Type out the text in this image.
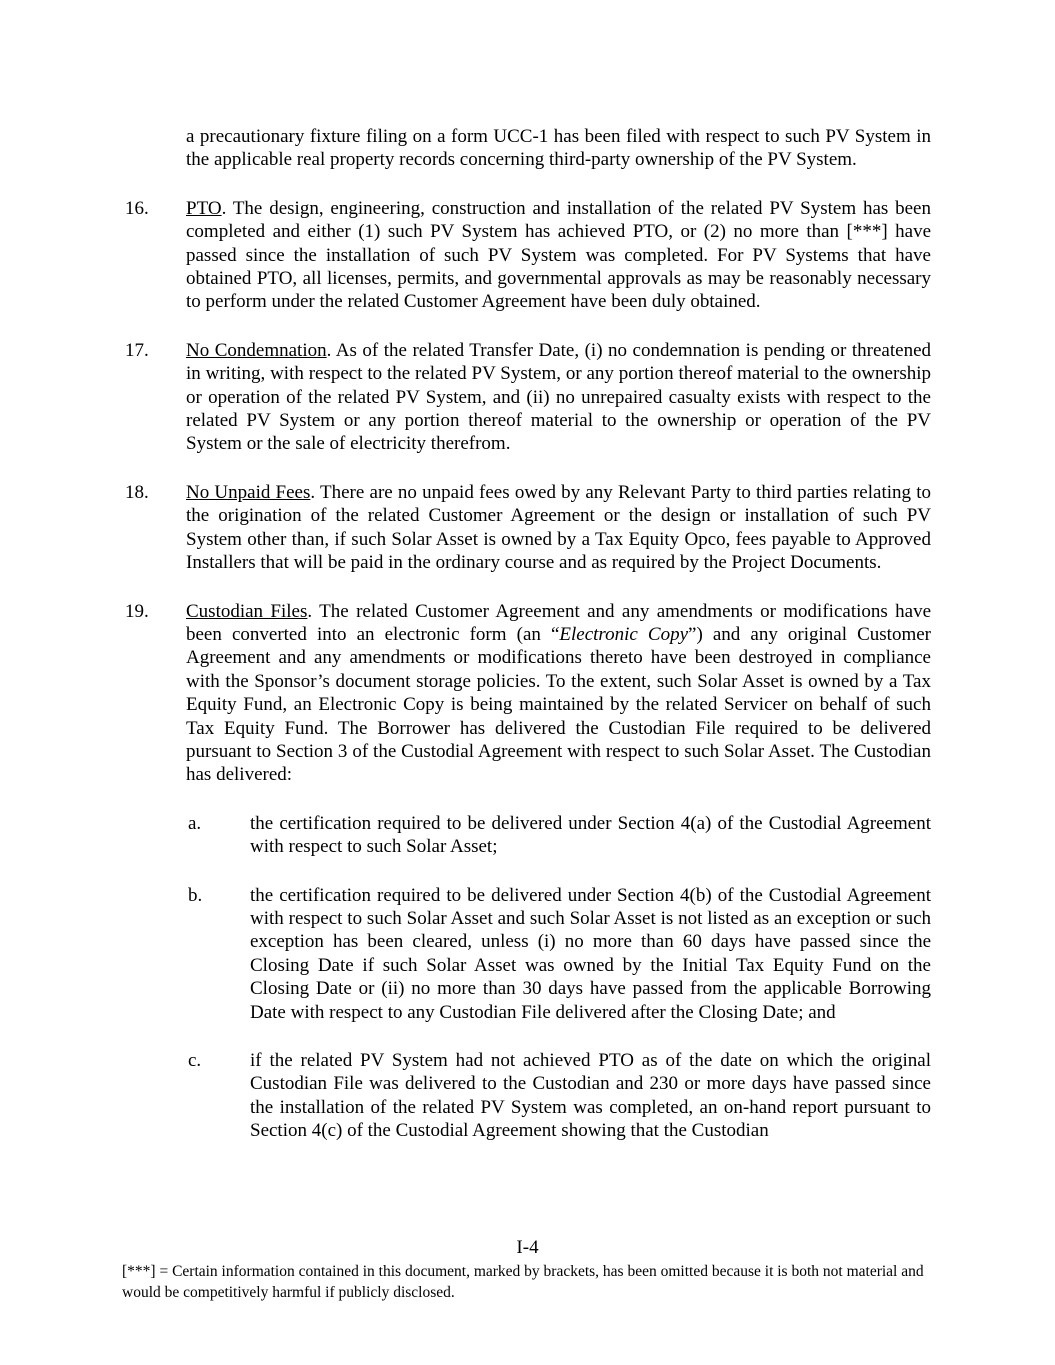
a precautionary fixture filing on a form UCC-1 has been filed with respect to such PV System in the applicable real property records concerning third-party ownership of the PV System.

16.	PTO. The design, engineering, construction and installation of the related PV System has been completed and either (1) such PV System has achieved PTO, or (2) no more than [***] have passed since the installation of such PV System was completed. For PV Systems that have obtained PTO, all licenses, permits, and governmental approvals as may be reasonably necessary to perform under the related Customer Agreement have been duly obtained.
17.	No Condemnation. As of the related Transfer Date, (i) no condemnation is pending or threatened in writing, with respect to the related PV System, or any portion thereof material to the ownership or operation of the related PV System, and (ii) no unrepaired casualty exists with respect to the related PV System or any portion thereof material to the ownership or operation of the PV System or the sale of electricity therefrom.
18.	No Unpaid Fees. There are no unpaid fees owed by any Relevant Party to third parties relating to the origination of the related Customer Agreement or the design or installation of such PV System other than, if such Solar Asset is owned by a Tax Equity Opco, fees payable to Approved Installers that will be paid in the ordinary course and as required by the Project Documents.
19.	Custodian Files. The related Customer Agreement and any amendments or modifications have been converted into an electronic form (an “Electronic Copy”) and any original Customer Agreement and any amendments or modifications thereto have been destroyed in compliance with the Sponsor’s document storage policies. To the extent, such Solar Asset is owned by a Tax Equity Fund, an Electronic Copy is being maintained by the related Servicer on behalf of such Tax Equity Fund. The Borrower has delivered the Custodian File required to be delivered pursuant to Section 3 of the Custodial Agreement with respect to such Solar Asset. The Custodian has delivered:
a.	the certification required to be delivered under Section 4(a) of the Custodial Agreement with respect to such Solar Asset;
b.	the certification required to be delivered under Section 4(b) of the Custodial Agreement with respect to such Solar Asset and such Solar Asset is not listed as an exception or such exception has been cleared, unless (i) no more than 60 days have passed since the Closing Date if such Solar Asset was owned by the Initial Tax Equity Fund on the Closing Date or (ii) no more than 30 days have passed from the applicable Borrowing Date with respect to any Custodian File delivered after the Closing Date; and
c.	if the related PV System had not achieved PTO as of the date on which the original Custodian File was delivered to the Custodian and 230 or more days have passed since the installation of the related PV System was completed, an on-hand report pursuant to Section 4(c) of the Custodial Agreement showing that the Custodian
I-4
[***] = Certain information contained in this document, marked by brackets, has been omitted because it is both not material and would be competitively harmful if publicly disclosed.
